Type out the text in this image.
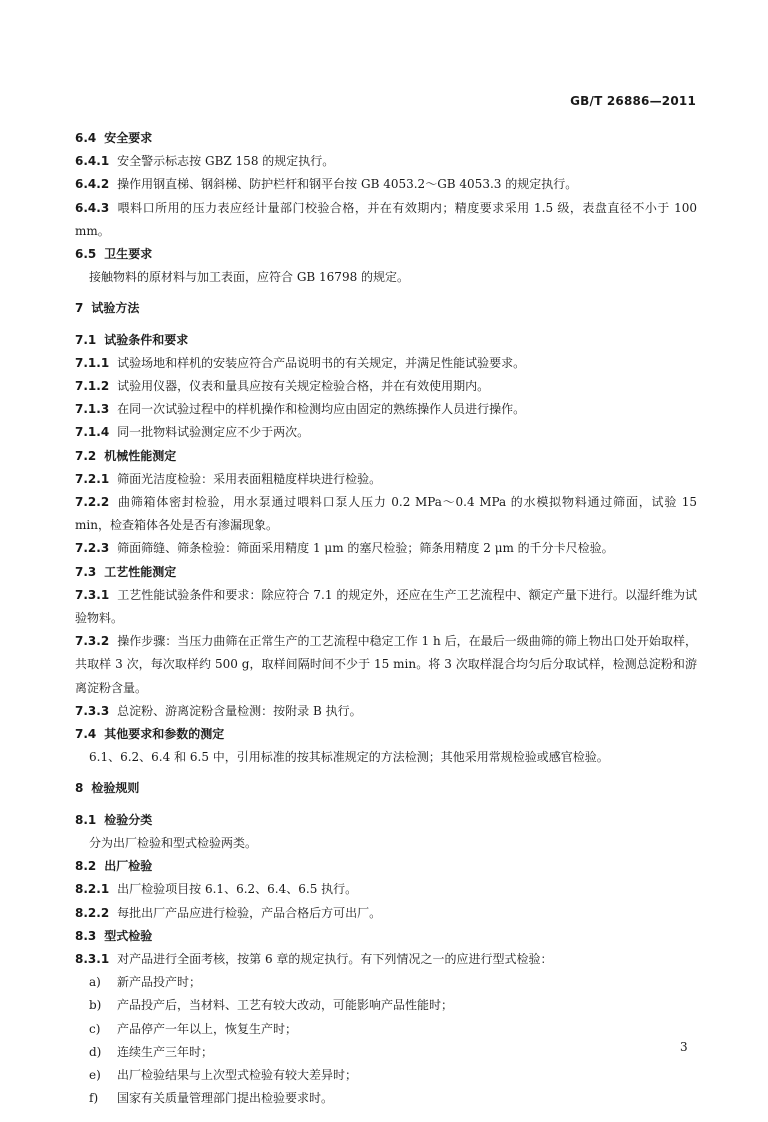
GB/T 26886—2011
6.4 安全要求
6.4.1 安全警示标志按 GBZ 158 的规定执行。
6.4.2 操作用钢直梯、钢斜梯、防护栏杆和钢平台按 GB 4053.2～GB 4053.3 的规定执行。
6.4.3 喂料口所用的压力表应经计量部门校验合格，并在有效期内；精度要求采用 1.5 级，表盘直径不小于 100 mm。
6.5 卫生要求
接触物料的原材料与加工表面，应符合 GB 16798 的规定。
7 试验方法
7.1 试验条件和要求
7.1.1 试验场地和样机的安装应符合产品说明书的有关规定，并满足性能试验要求。
7.1.2 试验用仪器，仪表和量具应按有关规定检验合格，并在有效使用期内。
7.1.3 在同一次试验过程中的样机操作和检测均应由固定的熟练操作人员进行操作。
7.1.4 同一批物料试验测定应不少于两次。
7.2 机械性能测定
7.2.1 筛面光洁度检验：采用表面粗糙度样块进行检验。
7.2.2 曲筛箱体密封检验，用水泵通过喂料口泵人压力 0.2 MPa～0.4 MPa 的水模拟物料通过筛面，试验 15 min，检查箱体各处是否有渗漏现象。
7.2.3 筛面筛缝、筛条检验：筛面采用精度 1 μm 的塞尺检验；筛条用精度 2 μm 的千分卡尺检验。
7.3 工艺性能测定
7.3.1 工艺性能试验条件和要求：除应符合 7.1 的规定外，还应在生产工艺流程中、额定产量下进行。以湿纤维为试验物料。
7.3.2 操作步骤：当压力曲筛在正常生产的工艺流程中稳定工作 1 h 后，在最后一级曲筛的筛上物出口处开始取样，共取样 3 次，每次取样约 500 g，取样间隔时间不少于 15 min。将 3 次取样混合均匀后分取试样，检测总淀粉和游离淀粉含量。
7.3.3 总淀粉、游离淀粉含量检测：按附录 B 执行。
7.4 其他要求和参数的测定
6.1、6.2、6.4 和 6.5 中，引用标准的按其标准规定的方法检测；其他采用常规检验或感官检验。
8 检验规则
8.1 检验分类
分为出厂检验和型式检验两类。
8.2 出厂检验
8.2.1 出厂检验项目按 6.1、6.2、6.4、6.5 执行。
8.2.2 每批出厂产品应进行检验，产品合格后方可出厂。
8.3 型式检验
8.3.1 对产品进行全面考核，按第 6 章的规定执行。有下列情况之一的应进行型式检验：
a) 新产品投产时；
b) 产品投产后，当材料、工艺有较大改动，可能影响产品性能时；
c) 产品停产一年以上，恢复生产时；
d) 连续生产三年时；
e) 出厂检验结果与上次型式检验有较大差异时；
f) 国家有关质量管理部门提出检验要求时。
3
